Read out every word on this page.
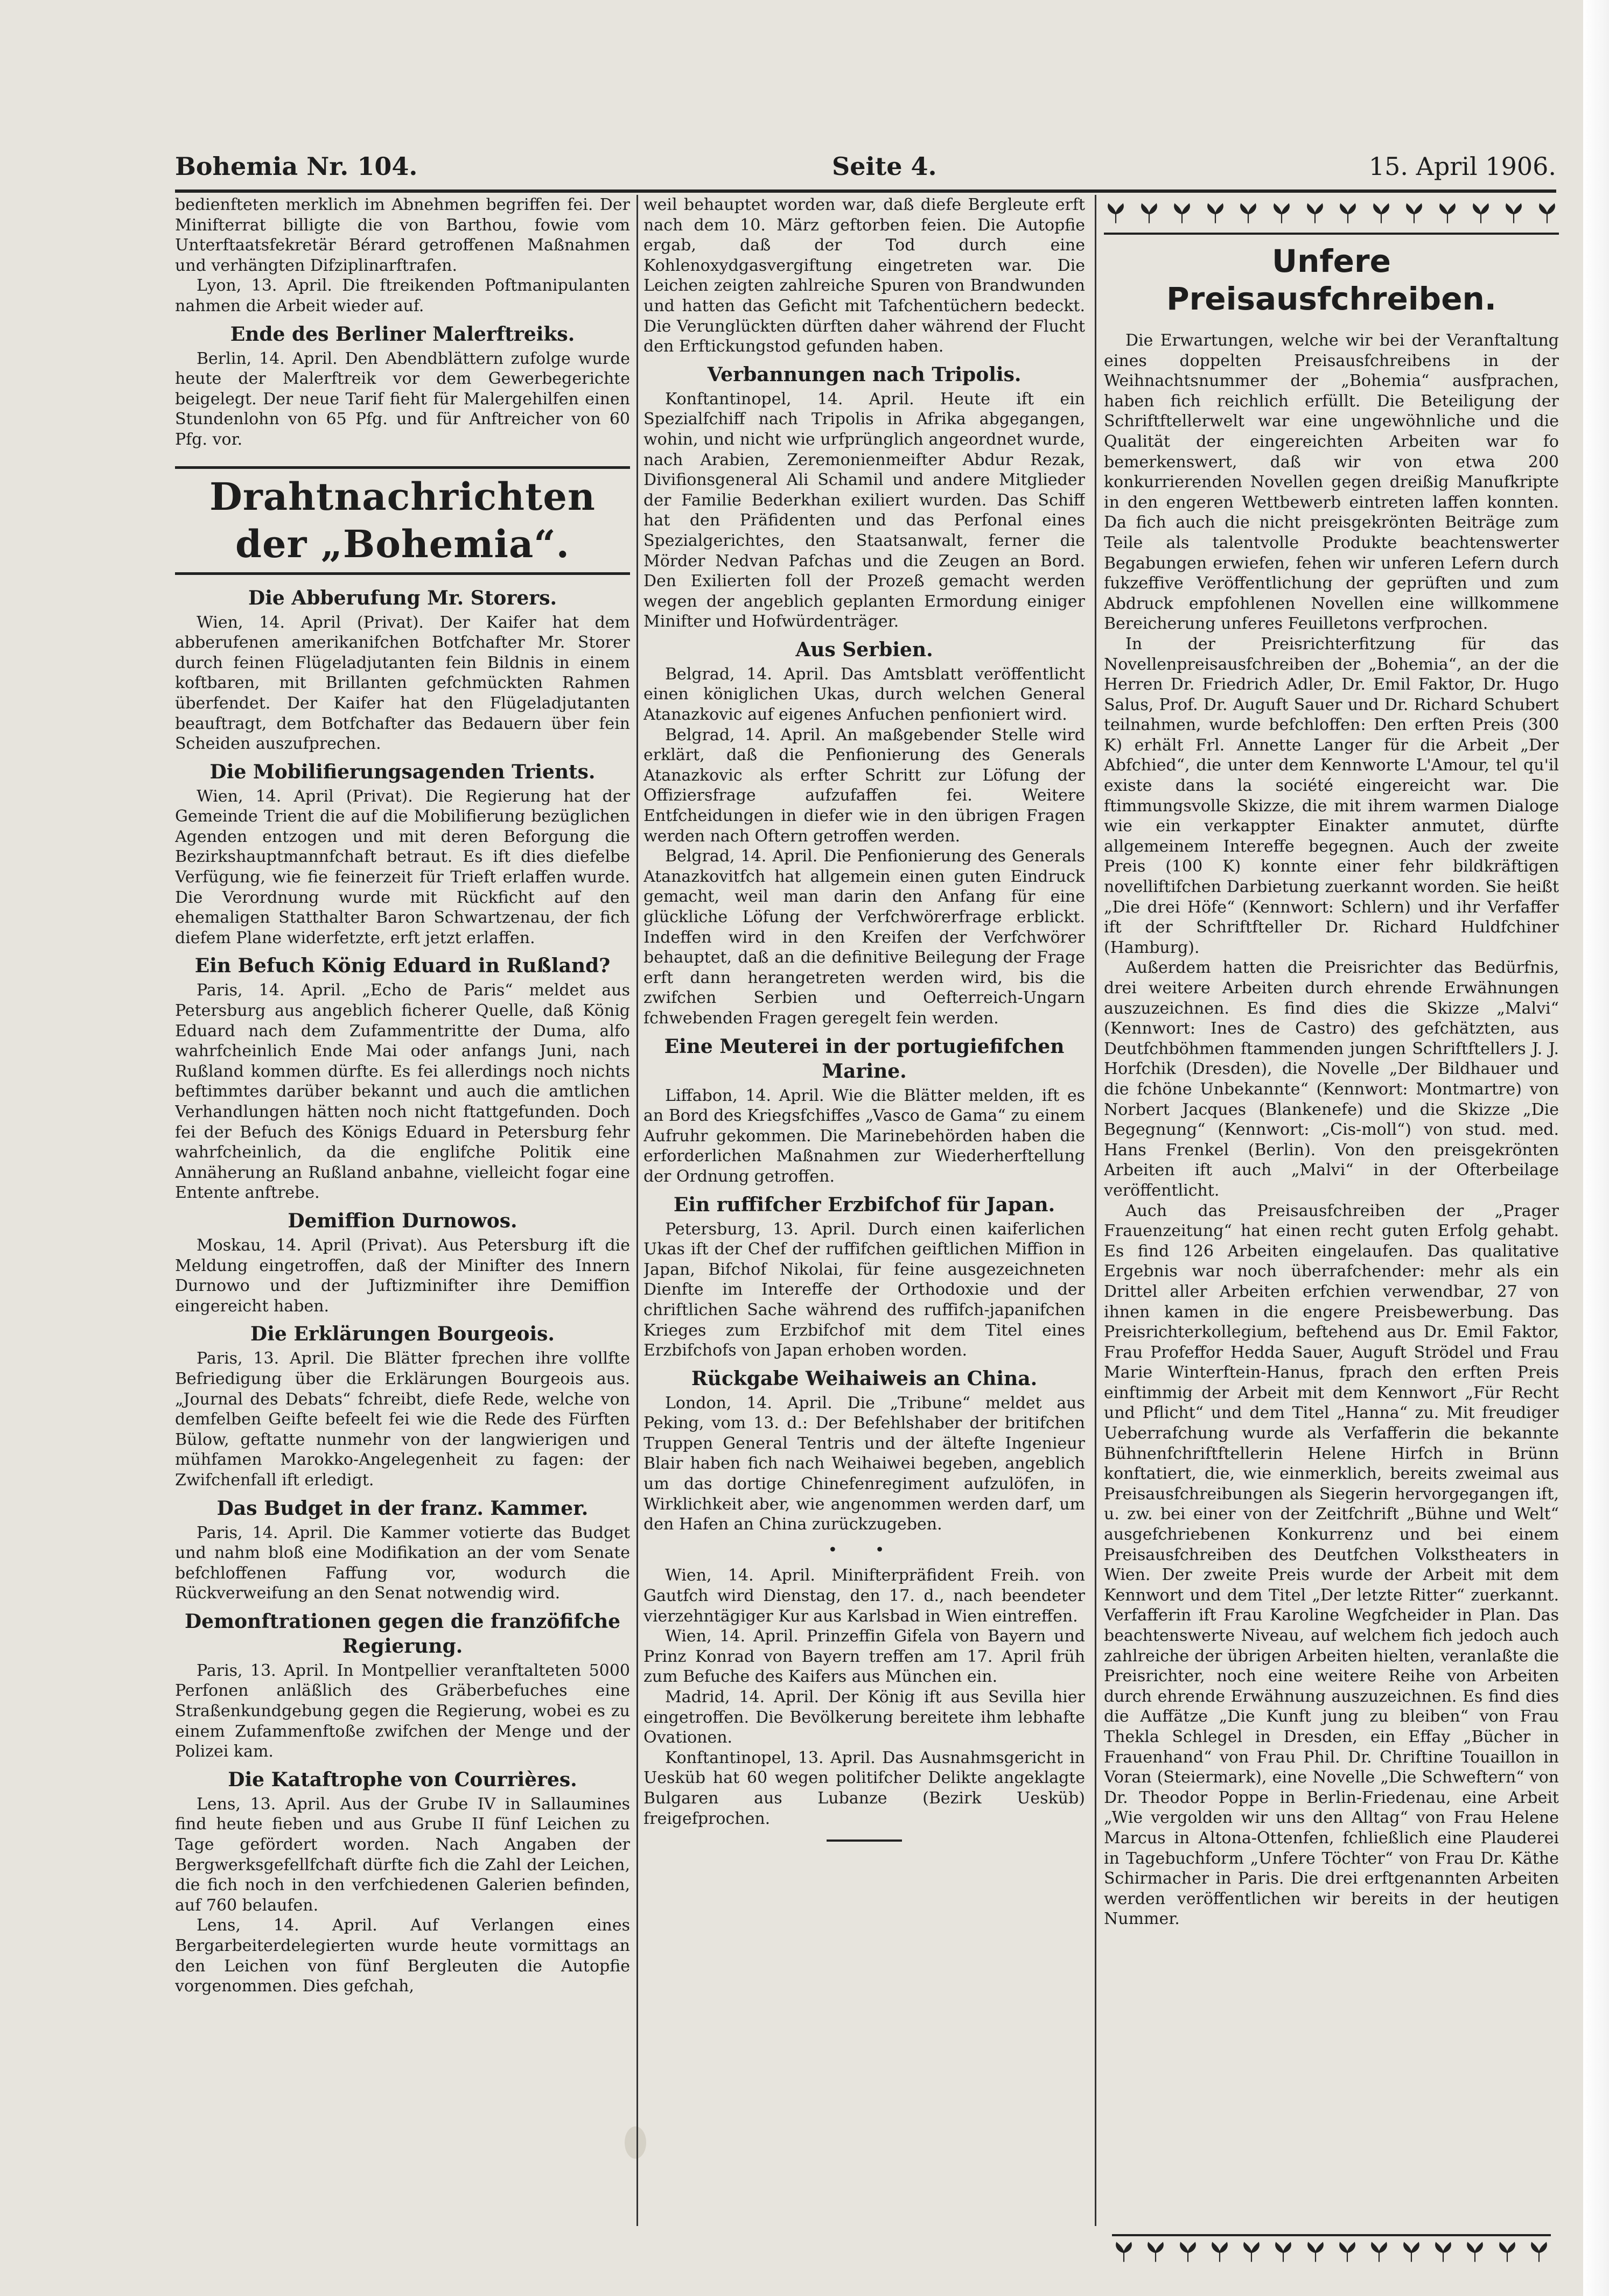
Bohemia Nr. 104.	Seite 4.	15. April 1906.

bedienfteten merklich im Abnehmen begriffen fei. Der Minifterrat billigte die von Barthou, fowie vom Unterftaatsfekretär Bérard getroffenen Maßnahmen und verhängten Difziplinarftrafen.

Lyon, 13. April. Die ftreikenden Poftmanipulanten nahmen die Arbeit wieder auf.

Ende des Berliner Malerftreiks.

Berlin, 14. April. Den Abendblättern zufolge wurde heute der Malerftreik vor dem Gewerbegerichte beigelegt. Der neue Tarif fieht für Malergehilfen einen Stundenlohn von 65 Pfg. und für Anftreicher von 60 Pfg. vor.

Drahtnachrichten der „Bohemia“.
Die Abberufung Mr. Storers.

Wien, 14. April (Privat). Der Kaifer hat dem abberufenen amerikanifchen Botfchafter Mr. Storer durch feinen Flügeladjutanten fein Bildnis in einem koftbaren, mit Brillanten gefchmückten Rahmen überfendet. Der Kaifer hat den Flügeladjutanten beauftragt, dem Botfchafter das Bedauern über fein Scheiden auszufprechen.

Die Mobilifierungsagenden Trients.

Wien, 14. April (Privat). Die Regierung hat der Gemeinde Trient die auf die Mobilifierung bezüglichen Agenden entzogen und mit deren Beforgung die Bezirkshauptmannfchaft betraut. Es ift dies diefelbe Verfügung, wie fie feinerzeit für Trieft erlaffen wurde. Die Verordnung wurde mit Rückficht auf den ehemaligen Statthalter Baron Schwartzenau, der fich diefem Plane widerfetzte, erft jetzt erlaffen.

Ein Befuch König Eduard in Rußland?

Paris, 14. April. „Echo de Paris“ meldet aus Petersburg aus angeblich ficherer Quelle, daß König Eduard nach dem Zufammentritte der Duma, alfo wahrfcheinlich Ende Mai oder anfangs Juni, nach Rußland kommen dürfte. Es fei allerdings noch nichts beftimmtes darüber bekannt und auch die amtlichen Verhandlungen hätten noch nicht ftattgefunden. Doch fei der Befuch des Königs Eduard in Petersburg fehr wahrfcheinlich, da die englifche Politik eine Annäherung an Rußland anbahne, vielleicht fogar eine Entente anftrebe.

Demiffion Durnowos.

Moskau, 14. April (Privat). Aus Petersburg ift die Meldung eingetroffen, daß der Minifter des Innern Durnowo und der Juftizminifter ihre Demiffion eingereicht haben.

Die Erklärungen Bourgeois.

Paris, 13. April. Die Blätter fprechen ihre vollfte Befriedigung über die Erklärungen Bourgeois aus. „Journal des Debats“ fchreibt, diefe Rede, welche von demfelben Geifte befeelt fei wie die Rede des Fürften Bülow, geftatte nunmehr von der langwierigen und mühfamen Marokko-Angelegenheit zu fagen: der Zwifchenfall ift erledigt.

Das Budget in der franz. Kammer.

Paris, 14. April. Die Kammer votierte das Budget und nahm bloß eine Modifikation an der vom Senate befchloffenen Faffung vor, wodurch die Rückverweifung an den Senat notwendig wird.

Demonftrationen gegen die franzöfifche Regierung.

Paris, 13. April. In Montpellier veranftalteten 5000 Perfonen anläßlich des Gräberbefuches eine Straßenkundgebung gegen die Regierung, wobei es zu einem Zufammenftoße zwifchen der Menge und der Polizei kam.

Die Kataftrophe von Courrières.

Lens, 13. April. Aus der Grube IV in Sallaumines find heute fieben und aus Grube II fünf Leichen zu Tage gefördert worden. Nach Angaben der Bergwerksgefellfchaft dürfte fich die Zahl der Leichen, die fich noch in den verfchiedenen Galerien befinden, auf 760 belaufen.

Lens, 14. April. Auf Verlangen eines Bergarbeiterdelegierten wurde heute vormittags an den Leichen von fünf Bergleuten die Autopfie vorgenommen. Dies gefchah,

weil behauptet worden war, daß diefe Bergleute erft nach dem 10. März geftorben feien. Die Autopfie ergab, daß der Tod durch eine Kohlenoxydgasvergiftung eingetreten war. Die Leichen zeigten zahlreiche Spuren von Brandwunden und hatten das Geficht mit Tafchentüchern bedeckt. Die Verunglückten dürften daher während der Flucht den Erftickungstod gefunden haben.

Verbannungen nach Tripolis.

Konftantinopel, 14. April. Heute ift ein Spezialfchiff nach Tripolis in Afrika abgegangen, wohin, und nicht wie urfprünglich angeordnet wurde, nach Arabien, Zeremonienmeifter Abdur Rezak, Divifionsgeneral Ali Schamil und andere Mitglieder der Familie Bederkhan exiliert wurden. Das Schiff hat den Präfidenten und das Perfonal eines Spezialgerichtes, den Staatsanwalt, ferner die Mörder Nedvan Pafchas und die Zeugen an Bord. Den Exilierten foll der Prozeß gemacht werden wegen der angeblich geplanten Ermordung einiger Minifter und Hofwürdenträger.

Aus Serbien.

Belgrad, 14. April. Das Amtsblatt veröffentlicht einen königlichen Ukas, durch welchen General Atanazkovic auf eigenes Anfuchen penfioniert wird.

Belgrad, 14. April. An maßgebender Stelle wird erklärt, daß die Penfionierung des Generals Atanazkovic als erfter Schritt zur Löfung der Offiziersfrage aufzufaffen fei. Weitere Entfcheidungen in diefer wie in den übrigen Fragen werden nach Oftern getroffen werden.

Belgrad, 14. April. Die Penfionierung des Generals Atanazkovitfch hat allgemein einen guten Eindruck gemacht, weil man darin den Anfang für eine glückliche Löfung der Verfchwörerfrage erblickt. Indeffen wird in den Kreifen der Verfchwörer behauptet, daß an die definitive Beilegung der Frage erft dann herangetreten werden wird, bis die zwifchen Serbien und Oefterreich-Ungarn fchwebenden Fragen geregelt fein werden.

Eine Meuterei in der portugiefifchen Marine.

Liffabon, 14. April. Wie die Blätter melden, ift es an Bord des Kriegsfchiffes „Vasco de Gama“ zu einem Aufruhr gekommen. Die Marinebehörden haben die erforderlichen Maßnahmen zur Wiederherftellung der Ordnung getroffen.

Ein ruffifcher Erzbifchof für Japan.

Petersburg, 13. April. Durch einen kaiferlichen Ukas ift der Chef der ruffifchen geiftlichen Miffion in Japan, Bifchof Nikolai, für feine ausgezeichneten Dienfte im Intereffe der Orthodoxie und der chriftlichen Sache während des ruffifch-japanifchen Krieges zum Erzbifchof mit dem Titel eines Erzbifchofs von Japan erhoben worden.

Rückgabe Weihaiweis an China.

London, 14. April. Die „Tribune“ meldet aus Peking, vom 13. d.: Der Befehlshaber der britifchen Truppen General Tentris und der ältefte Ingenieur Blair haben fich nach Weihaiwei begeben, angeblich um das dortige Chinefenregiment aufzulöfen, in Wirklichkeit aber, wie angenommen werden darf, um den Hafen an China zurückzugeben.

• •

Wien, 14. April. Minifterpräfident Freih. von Gautfch wird Dienstag, den 17. d., nach beendeter vierzehntägiger Kur aus Karlsbad in Wien eintreffen.

Wien, 14. April. Prinzeffin Gifela von Bayern und Prinz Konrad von Bayern treffen am 17. April früh zum Befuche des Kaifers aus München ein.

Madrid, 14. April. Der König ift aus Sevilla hier eingetroffen. Die Bevölkerung bereitete ihm lebhafte Ovationen.

Konftantinopel, 13. April. Das Ausnahmsgericht in Uesküb hat 60 wegen politifcher Delikte angeklagte Bulgaren aus Lubanze (Bezirk Uesküb) freigefprochen.

Unfere Preisausfchreiben.

Die Erwartungen, welche wir bei der Veranftaltung eines doppelten Preisausfchreibens in der Weihnachtsnummer der „Bohemia“ ausfprachen, haben fich reichlich erfüllt. Die Beteiligung der Schriftftellerwelt war eine ungewöhnliche und die Qualität der eingereichten Arbeiten war fo bemerkenswert, daß wir von etwa 200 konkurrierenden Novellen gegen dreißig Manufkripte in den engeren Wettbewerb eintreten laffen konnten. Da fich auch die nicht preisgekrönten Beiträge zum Teile als talentvolle Produkte beachtenswerter Begabungen erwiefen, fehen wir unferen Lefern durch fukzeffive Veröffentlichung der geprüften und zum Abdruck empfohlenen Novellen eine willkommene Bereicherung unferes Feuilletons verfprochen.

In der Preisrichterfitzung für das Novellenpreisausfchreiben der „Bohemia“, an der die Herren Dr. Friedrich Adler, Dr. Emil Faktor, Dr. Hugo Salus, Prof. Dr. Auguft Sauer und Dr. Richard Schubert teilnahmen, wurde befchloffen: Den erften Preis (300 K) erhält Frl. Annette Langer für die Arbeit „Der Abfchied“, die unter dem Kennworte L'Amour, tel qu'il existe dans la société eingereicht war. Die ftimmungsvolle Skizze, die mit ihrem warmen Dialoge wie ein verkappter Einakter anmutet, dürfte allgemeinem Intereffe begegnen. Auch der zweite Preis (100 K) konnte einer fehr bildkräftigen novelliftifchen Darbietung zuerkannt worden. Sie heißt „Die drei Höfe“ (Kennwort: Schlern) und ihr Verfaffer ift der Schriftfteller Dr. Richard Huldfchiner (Hamburg).

Außerdem hatten die Preisrichter das Bedürfnis, drei weitere Arbeiten durch ehrende Erwähnungen auszuzeichnen. Es find dies die Skizze „Malvi“ (Kennwort: Ines de Castro) des gefchätzten, aus Deutfchböhmen ftammenden jungen Schriftftellers J. J. Horfchik (Dresden), die Novelle „Der Bildhauer und die fchöne Unbekannte“ (Kennwort: Montmartre) von Norbert Jacques (Blankenefe) und die Skizze „Die Begegnung“ (Kennwort: „Cis-moll“) von stud. med. Hans Frenkel (Berlin). Von den preisgekrönten Arbeiten ift auch „Malvi“ in der Ofterbeilage veröffentlicht.

Auch das Preisausfchreiben der „Prager Frauenzeitung“ hat einen recht guten Erfolg gehabt. Es find 126 Arbeiten eingelaufen. Das qualitative Ergebnis war noch überrafchender: mehr als ein Drittel aller Arbeiten erfchien verwendbar, 27 von ihnen kamen in die engere Preisbewerbung. Das Preisrichterkollegium, beftehend aus Dr. Emil Faktor, Frau Profeffor Hedda Sauer, Auguft Strödel und Frau Marie Winterftein-Hanus, fprach den erften Preis einftimmig der Arbeit mit dem Kennwort „Für Recht und Pflicht“ und dem Titel „Hanna“ zu. Mit freudiger Ueberrafchung wurde als Verfafferin die bekannte Bühnenfchriftftellerin Helene Hirfch in Brünn konftatiert, die, wie einmerklich, bereits zweimal aus Preisausfchreibungen als Siegerin hervorgegangen ift, u. zw. bei einer von der Zeitfchrift „Bühne und Welt“ ausgefchriebenen Konkurrenz und bei einem Preisausfchreiben des Deutfchen Volkstheaters in Wien. Der zweite Preis wurde der Arbeit mit dem Kennwort und dem Titel „Der letzte Ritter“ zuerkannt. Verfafferin ift Frau Karoline Wegfcheider in Plan. Das beachtenswerte Niveau, auf welchem fich jedoch auch zahlreiche der übrigen Arbeiten hielten, veranlaßte die Preisrichter, noch eine weitere Reihe von Arbeiten durch ehrende Erwähnung auszuzeichnen. Es find dies die Auffätze „Die Kunft jung zu bleiben“ von Frau Thekla Schlegel in Dresden, ein Effay „Bücher in Frauenhand“ von Frau Phil. Dr. Chriftine Touaillon in Voran (Steiermark), eine Novelle „Die Schweftern“ von Dr. Theodor Poppe in Berlin-Friedenau, eine Arbeit „Wie vergolden wir uns den Alltag“ von Frau Helene Marcus in Altona-Ottenfen, fchließlich eine Plauderei in Tagebuchform „Unfere Töchter“ von Frau Dr. Käthe Schirmacher in Paris. Die drei erftgenannten Arbeiten werden veröffentlichen wir bereits in der heutigen Nummer.
